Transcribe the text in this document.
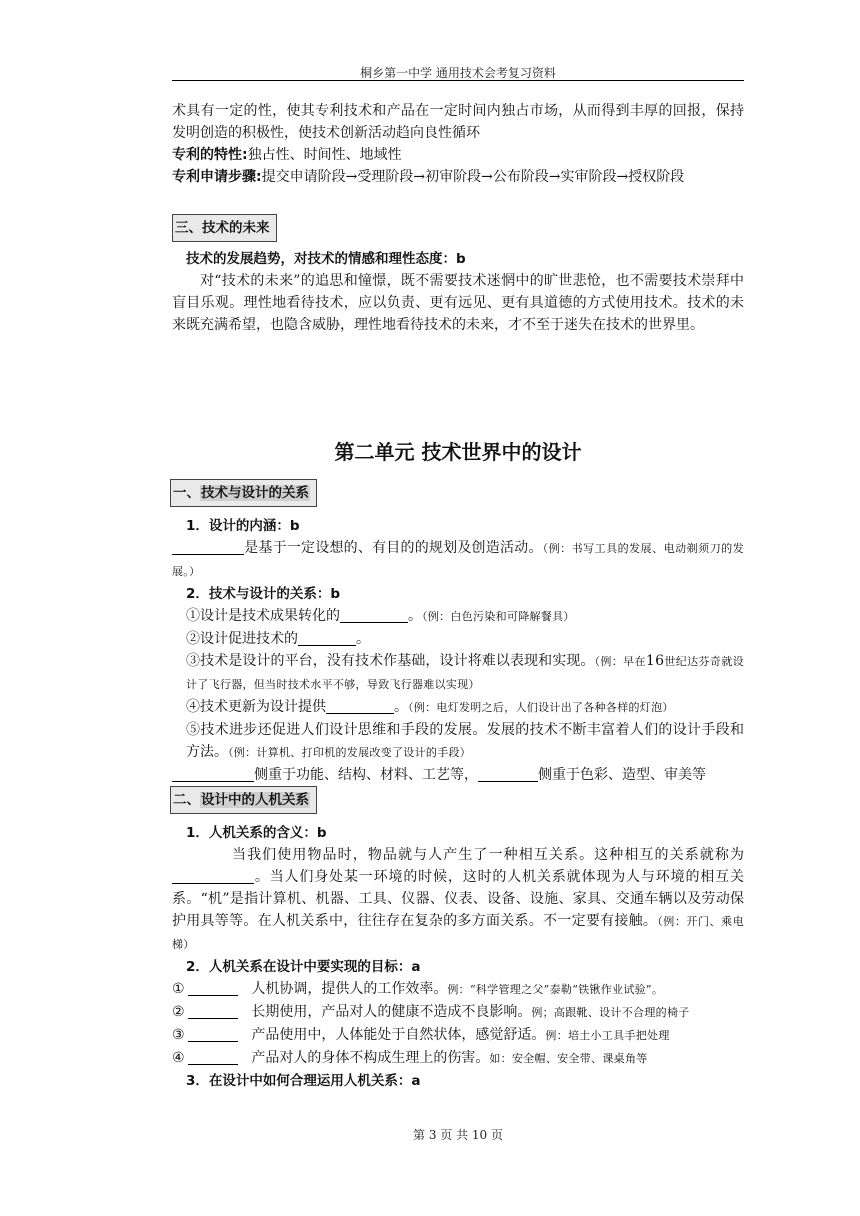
桐乡第一中学 通用技术会考复习资料

术具有一定的性，使其专利技术和产品在一定时间内独占市场，从而得到丰厚的回报，保持发明创造的积极性，使技术创新活动趋向良性循环

专利的特性:独占性、时间性、地域性

专利申请步骤:提交申请阶段→受理阶段→初审阶段→公布阶段→实审阶段→授权阶段

三、技术的未来

技术的发展趋势，对技术的情感和理性态度：b

对“技术的未来”的追思和憧憬，既不需要技术迷惘中的旷世悲怆，也不需要技术崇拜中盲目乐观。理性地看待技术，应以负责、更有远见、更有具道德的方式使用技术。技术的未来既充满希望，也隐含威胁，理性地看待技术的未来，才不至于迷失在技术的世界里。

第二单元 技术世界中的设计

一、技术与设计的关系

1．设计的内涵：b

是基于一定设想的、有目的的规划及创造活动。（例：书写工具的发展、电动剃须刀的发展。）

2．技术与设计的关系：b

①设计是技术成果转化的	。（例：白色污染和可降解餐具）

②设计促进技术的	。

③技术是设计的平台，没有技术作基础，设计将难以表现和实现。（例：早在16世纪达芬奇就设计了飞行器，但当时技术水平不够，导致飞行器难以实现）

④技术更新为设计提供	。（例：电灯发明之后，人们设计出了各种各样的灯泡）

⑤技术进步还促进人们设计思维和手段的发展。发展的技术不断丰富着人们的设计手段和方法。（例：计算机、打印机的发展改变了设计的手段）

侧重于功能、结构、材料、工艺等，	侧重于色彩、造型、审美等

二、设计中的人机关系

1．人机关系的含义：b

当我们使用物品时，物品就与人产生了一种相互关系。这种相互的关系就称为。当人们身处某一环境的时候，这时的人机关系就体现为人与环境的相互关系。“机”是指计算机、机器、工具、仪器、仪表、设备、设施、家具、交通车辆以及劳动保护用具等等。在人机关系中，往往存在复杂的多方面关系。不一定要有接触。（例：开门、乘电梯）

2．人机关系在设计中要实现的目标：a

①	人机协调，提供人的工作效率。例：“科学管理之父”泰勒“铁锹作业试验”。

②	长期使用，产品对人的健康不造成不良影响。例；高跟靴、设计不合理的椅子

③	产品使用中，人体能处于自然状体，感觉舒适。例：培土小工具手把处理

④	产品对人的身体不构成生理上的伤害。如：安全帽、安全带、课桌角等

3．在设计中如何合理运用人机关系：a

第 3 页 共 10 页
